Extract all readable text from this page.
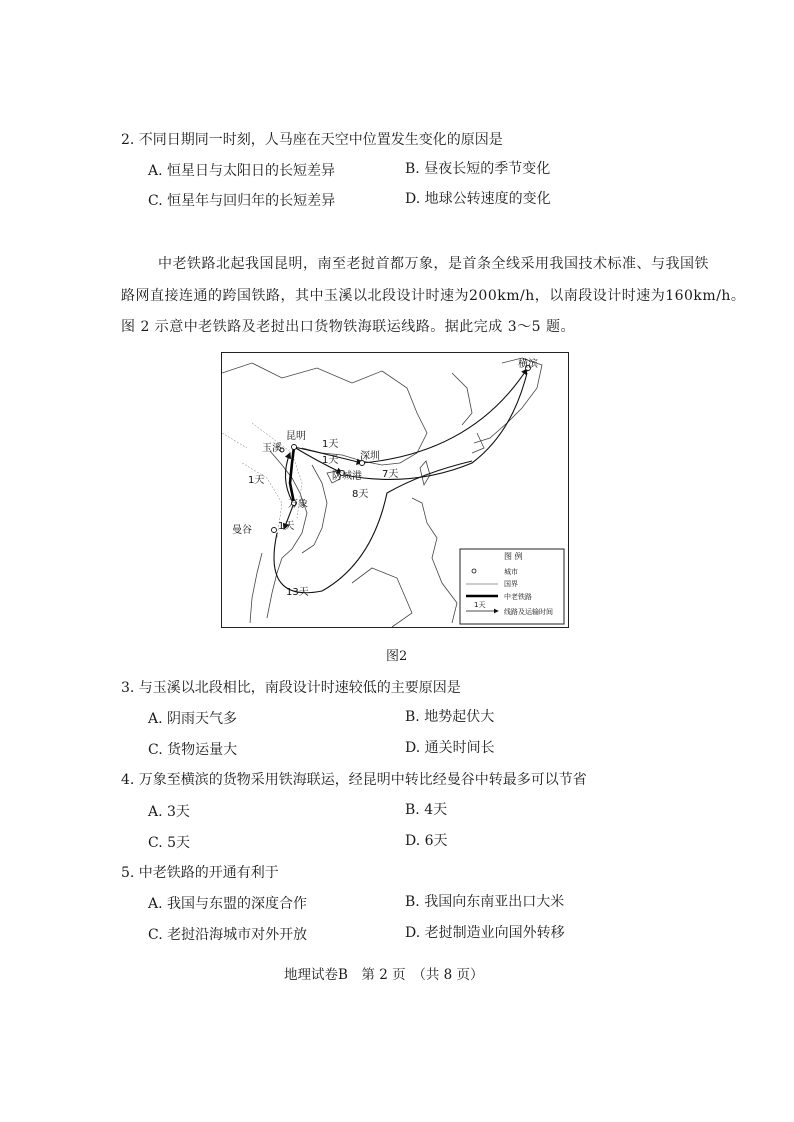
2. 不同日期同一时刻，人马座在天空中位置发生变化的原因是
A. 恒星日与太阳日的长短差异	B. 昼夜长短的季节变化
C. 恒星年与回归年的长短差异	D. 地球公转速度的变化
中老铁路北起我国昆明，南至老挝首都万象，是首条全线采用我国技术标准、与我国铁
路网直接连通的跨国铁路，其中玉溪以北段设计时速为200km/h，以南段设计时速为160km/h。
图 2 示意中老铁路及老挝出口货物铁海联运线路。据此完成 3～5 题。
横滨
昆明
玉溪
深圳
防城港
万象
曼谷
1天
1天
1天
7天
8天
1天
13天
图 例
城市
国界
中老铁路
1天
线路及运输时间
图2
3. 与玉溪以北段相比，南段设计时速较低的主要原因是
A. 阴雨天气多	B. 地势起伏大
C. 货物运量大	D. 通关时间长
4. 万象至横滨的货物采用铁海联运，经昆明中转比经曼谷中转最多可以节省
A. 3天	B. 4天
C. 5天	D. 6天
5. 中老铁路的开通有利于
A. 我国与东盟的深度合作	B. 我国向东南亚出口大米
C. 老挝沿海城市对外开放	D. 老挝制造业向国外转移
地理试卷B　第 2 页　（共 8 页）
